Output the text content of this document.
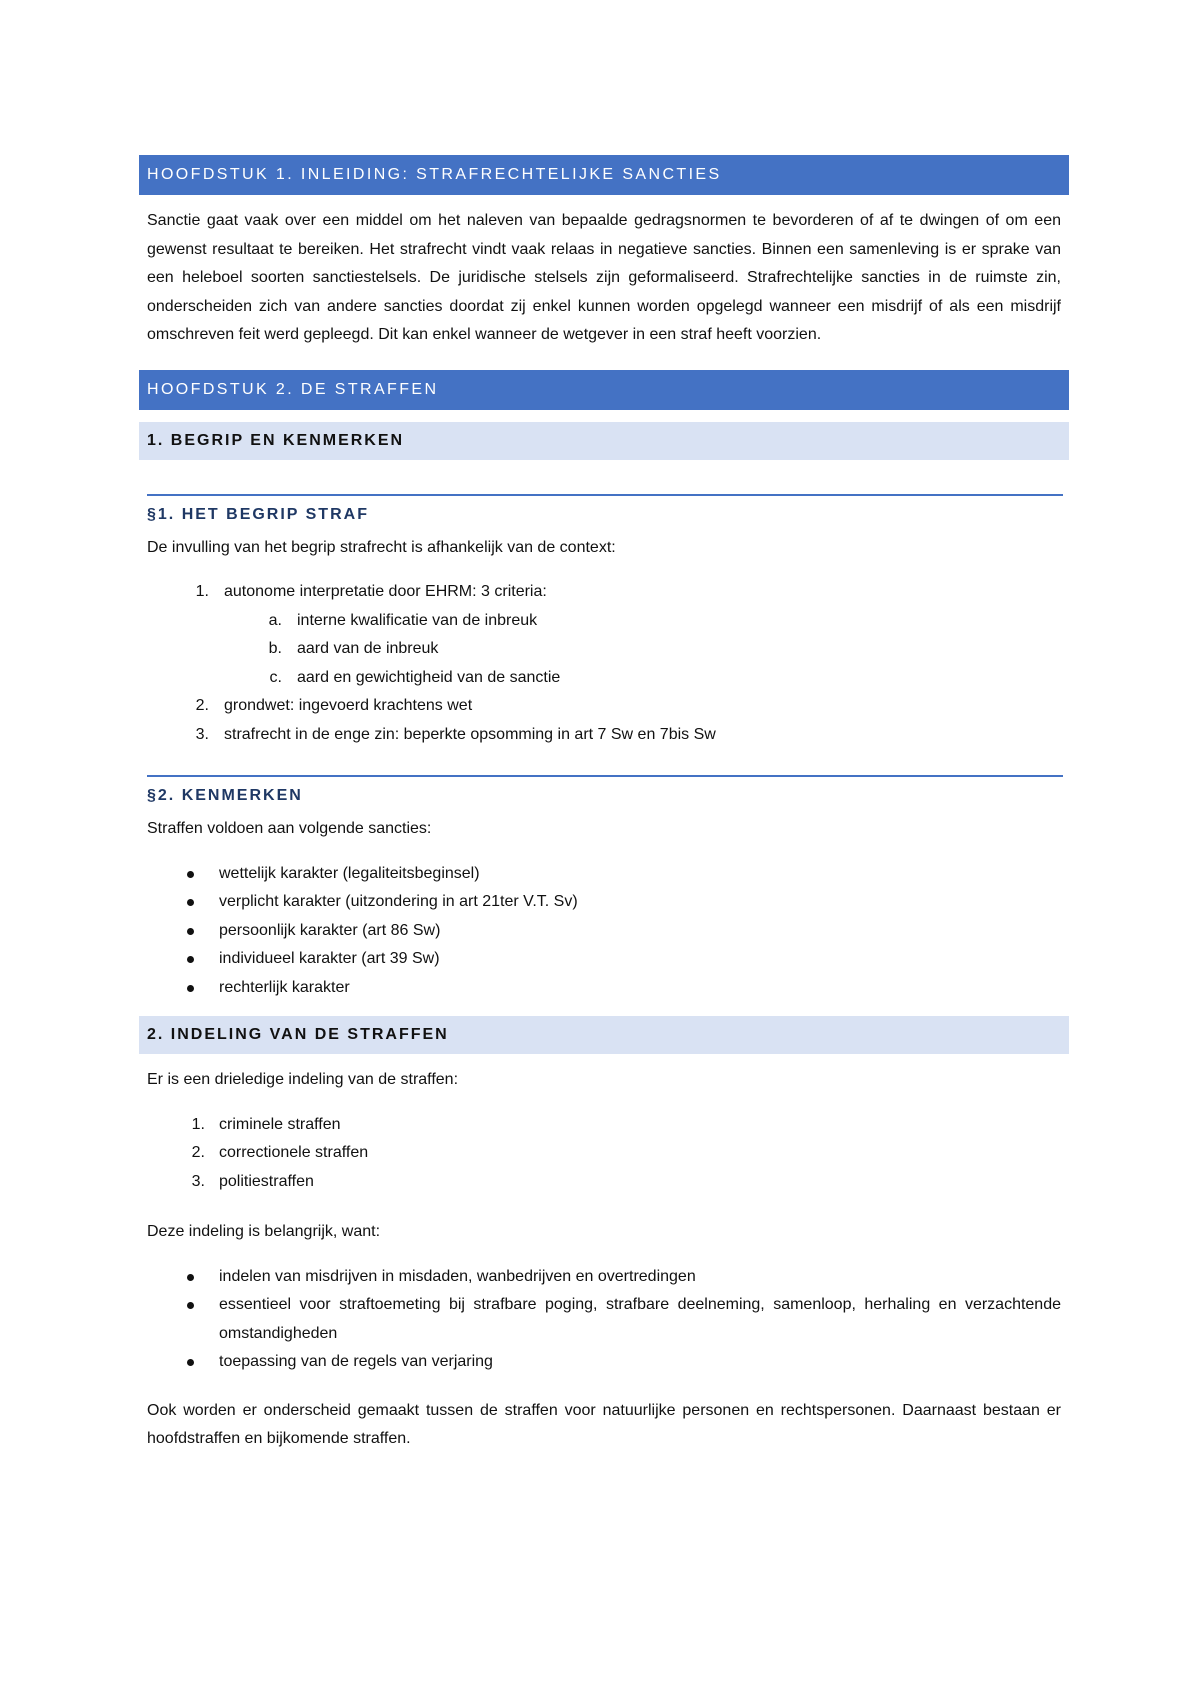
HOOFDSTUK 1. INLEIDING: STRAFRECHTELIJKE SANCTIES

Sanctie gaat vaak over een middel om het naleven van bepaalde gedragsnormen te bevorderen of af te dwingen of om een gewenst resultaat te bereiken. Het strafrecht vindt vaak relaas in negatieve sancties. Binnen een samenleving is er sprake van een heleboel soorten sanctiestelsels. De juridische stelsels zijn geformaliseerd. Strafrechtelijke sancties in de ruimste zin, onderscheiden zich van andere sancties doordat zij enkel kunnen worden opgelegd wanneer een misdrijf of als een misdrijf omschreven feit werd gepleegd. Dit kan enkel wanneer de wetgever in een straf heeft voorzien.

HOOFDSTUK 2. DE STRAFFEN
1. BEGRIP EN KENMERKEN
§1. HET BEGRIP STRAF

De invulling van het begrip strafrecht is afhankelijk van de context:

1. autonome interpretatie door EHRM: 3 criteria:
a. interne kwalificatie van de inbreuk
b. aard van de inbreuk
c. aard en gewichtigheid van de sanctie
2. grondwet: ingevoerd krachtens wet
3. strafrecht in de enge zin: beperkte opsomming in art 7 Sw en 7bis Sw
§2. KENMERKEN

Straffen voldoen aan volgende sancties:

wettelijk karakter (legaliteitsbeginsel)
verplicht karakter (uitzondering in art 21ter V.T. Sv)
persoonlijk karakter (art 86 Sw)
individueel karakter (art 39 Sw)
rechterlijk karakter
2. INDELING VAN DE STRAFFEN

Er is een drieledige indeling van de straffen:

1. criminele straffen
2. correctionele straffen
3. politiestraffen

Deze indeling is belangrijk, want:

indelen van misdrijven in misdaden, wanbedrijven en overtredingen
essentieel voor straftoemeting bij strafbare poging, strafbare deelneming, samenloop, herhaling en verzachtende omstandigheden
toepassing van de regels van verjaring

Ook worden er onderscheid gemaakt tussen de straffen voor natuurlijke personen en rechtspersonen. Daarnaast bestaan er hoofdstraffen en bijkomende straffen.
